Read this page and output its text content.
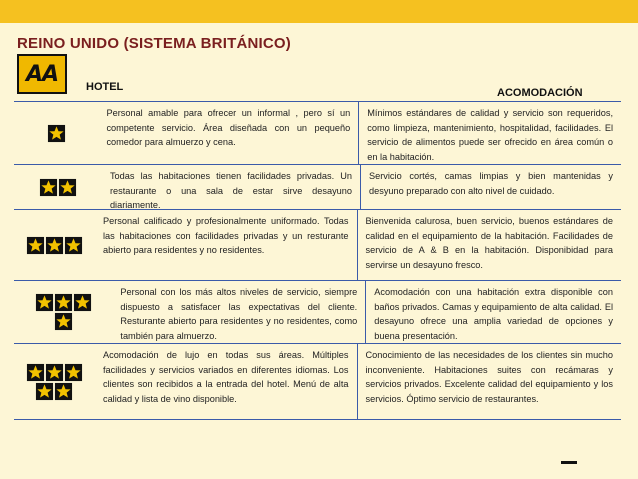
REINO UNIDO (SISTEMA BRITÁNICO)
AA
HOTEL	ACOMODACIÓN
Personal amable para ofrecer un informal , pero sí un competente servicio. Área diseñada con un pequeño comedor para almuerzo y cena.
Mínimos estándares de calidad y servicio son requeridos, como limpieza, mantenimiento, hospitalidad, facilidades. El servicio de alimentos puede ser ofrecido en área común o en la habitación.
Todas las habitaciones tienen facilidades privadas. Un restaurante o una sala de estar sirve desayuno diariamente.
Servicio cortés, camas limpias y bien mantenidas y desyuno preparado con alto nivel de cuidado.
Personal calificado y profesionalmente uniformado. Todas las habitaciones con facilidades privadas y un resturante abierto para residentes y no residentes.
Bienvenida calurosa, buen servicio, buenos estándares de calidad en el equipamiento de la habitación. Facilidades de servicio de A & B en la habitación. Disponibidad para servirse un desayuno fresco.
Personal con los más altos niveles de servicio, siempre dispuesto a satisfacer las expectativas del cliente. Resturante abierto para residentes y no residentes, como también para almuerzo.
Acomodación con una habitación extra disponible con baños privados. Camas y equipamiento de alta calidad. El desayuno ofrece una amplia variedad de opciones y buena presentación.
Acomodación de lujo en todas sus áreas. Múltiples facilidades y servicios variados en diferentes idiomas. Los clientes son recibidos a la entrada del hotel. Menú de alta calidad y lista de vino disponible.
Conocimiento de las necesidades de los clientes sin mucho inconveniente. Habitaciones suites con recámaras y servicios privados. Excelente calidad del equipamiento y los servicios. Óptimo servicio de restaurantes.
